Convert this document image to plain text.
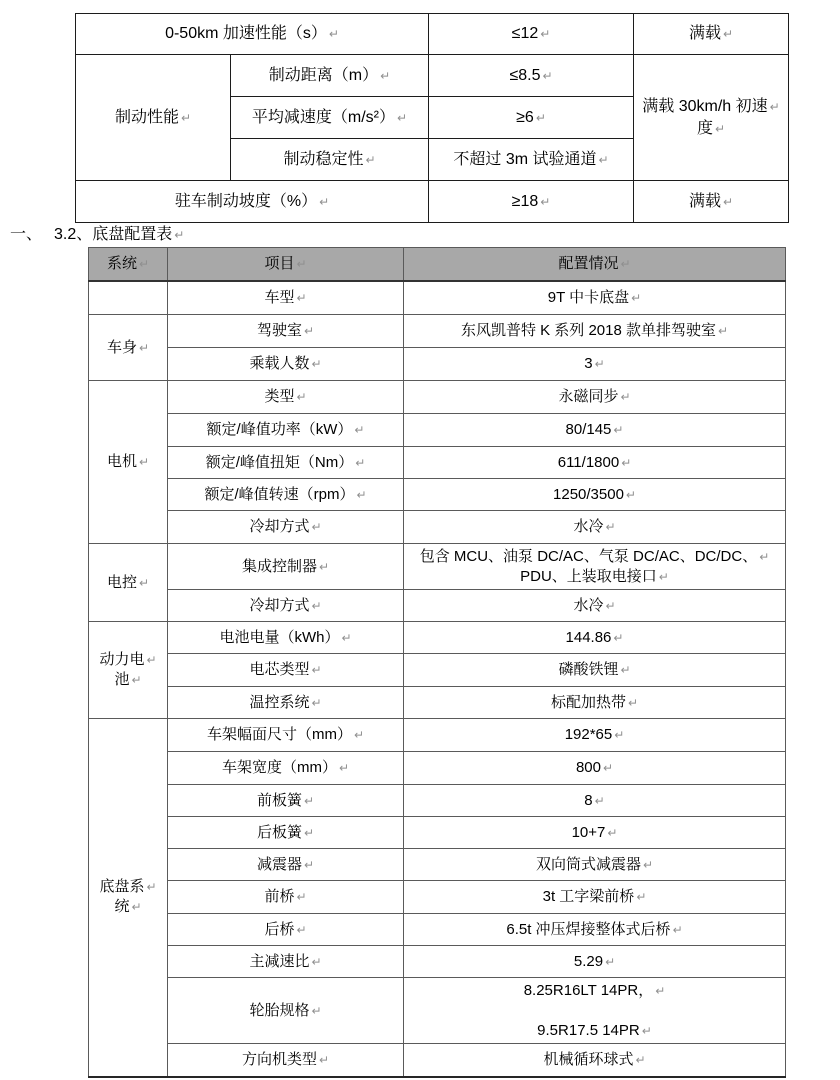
0-50km 加速性能（s） ↵		≤12 ↵	满载 ↵

制动性能 ↵	制动距离（m） ↵	≤8.5 ↵	满载 30km/h 初速 ↵
度 ↵

	平均减速度（m/s²） ↵	≥6 ↵	

	制动稳定性 ↵	不超过 3m 试验通道 ↵	

驻车制动坡度（%） ↵		≥18 ↵	满载 ↵
一、 3.2、底盘配置表 ↵
系统 ↵	项目 ↵	配置情况 ↵

	车型 ↵	9T 中卡底盘 ↵

车身 ↵	驾驶室 ↵	东风凯普特 K 系列 2018 款单排驾驶室 ↵

	乘载人数 ↵	3 ↵

电机 ↵	类型 ↵	永磁同步 ↵

	额定/峰值功率（kW） ↵	80/145 ↵

	额定/峰值扭矩（Nm） ↵	611/1800 ↵

	额定/峰值转速（rpm） ↵	1250/3500 ↵

	冷却方式 ↵	水冷 ↵

电控 ↵	集成控制器 ↵	包含 MCU、油泵 DC/AC、气泵 DC/AC、DC/DC、 ↵
PDU、上装取电接口 ↵

	冷却方式 ↵	水冷 ↵

动力电 ↵
池 ↵	电池电量（kWh） ↵	144.86 ↵

	电芯类型 ↵	磷酸铁锂 ↵

	温控系统 ↵	标配加热带 ↵

底盘系 ↵
统 ↵	车架幅面尺寸（mm） ↵	192*65 ↵

	车架宽度（mm） ↵	800 ↵

	前板簧 ↵	8 ↵

	后板簧 ↵	10+7 ↵

	减震器 ↵	双向筒式减震器 ↵

	前桥 ↵	3t 工字梁前桥 ↵

	后桥 ↵	6.5t 冲压焊接整体式后桥 ↵

	主减速比 ↵	5.29 ↵

	轮胎规格 ↵	8.25R16LT 14PR， ↵

9.5R17.5 14PR ↵

	方向机类型 ↵	机械循环球式 ↵
